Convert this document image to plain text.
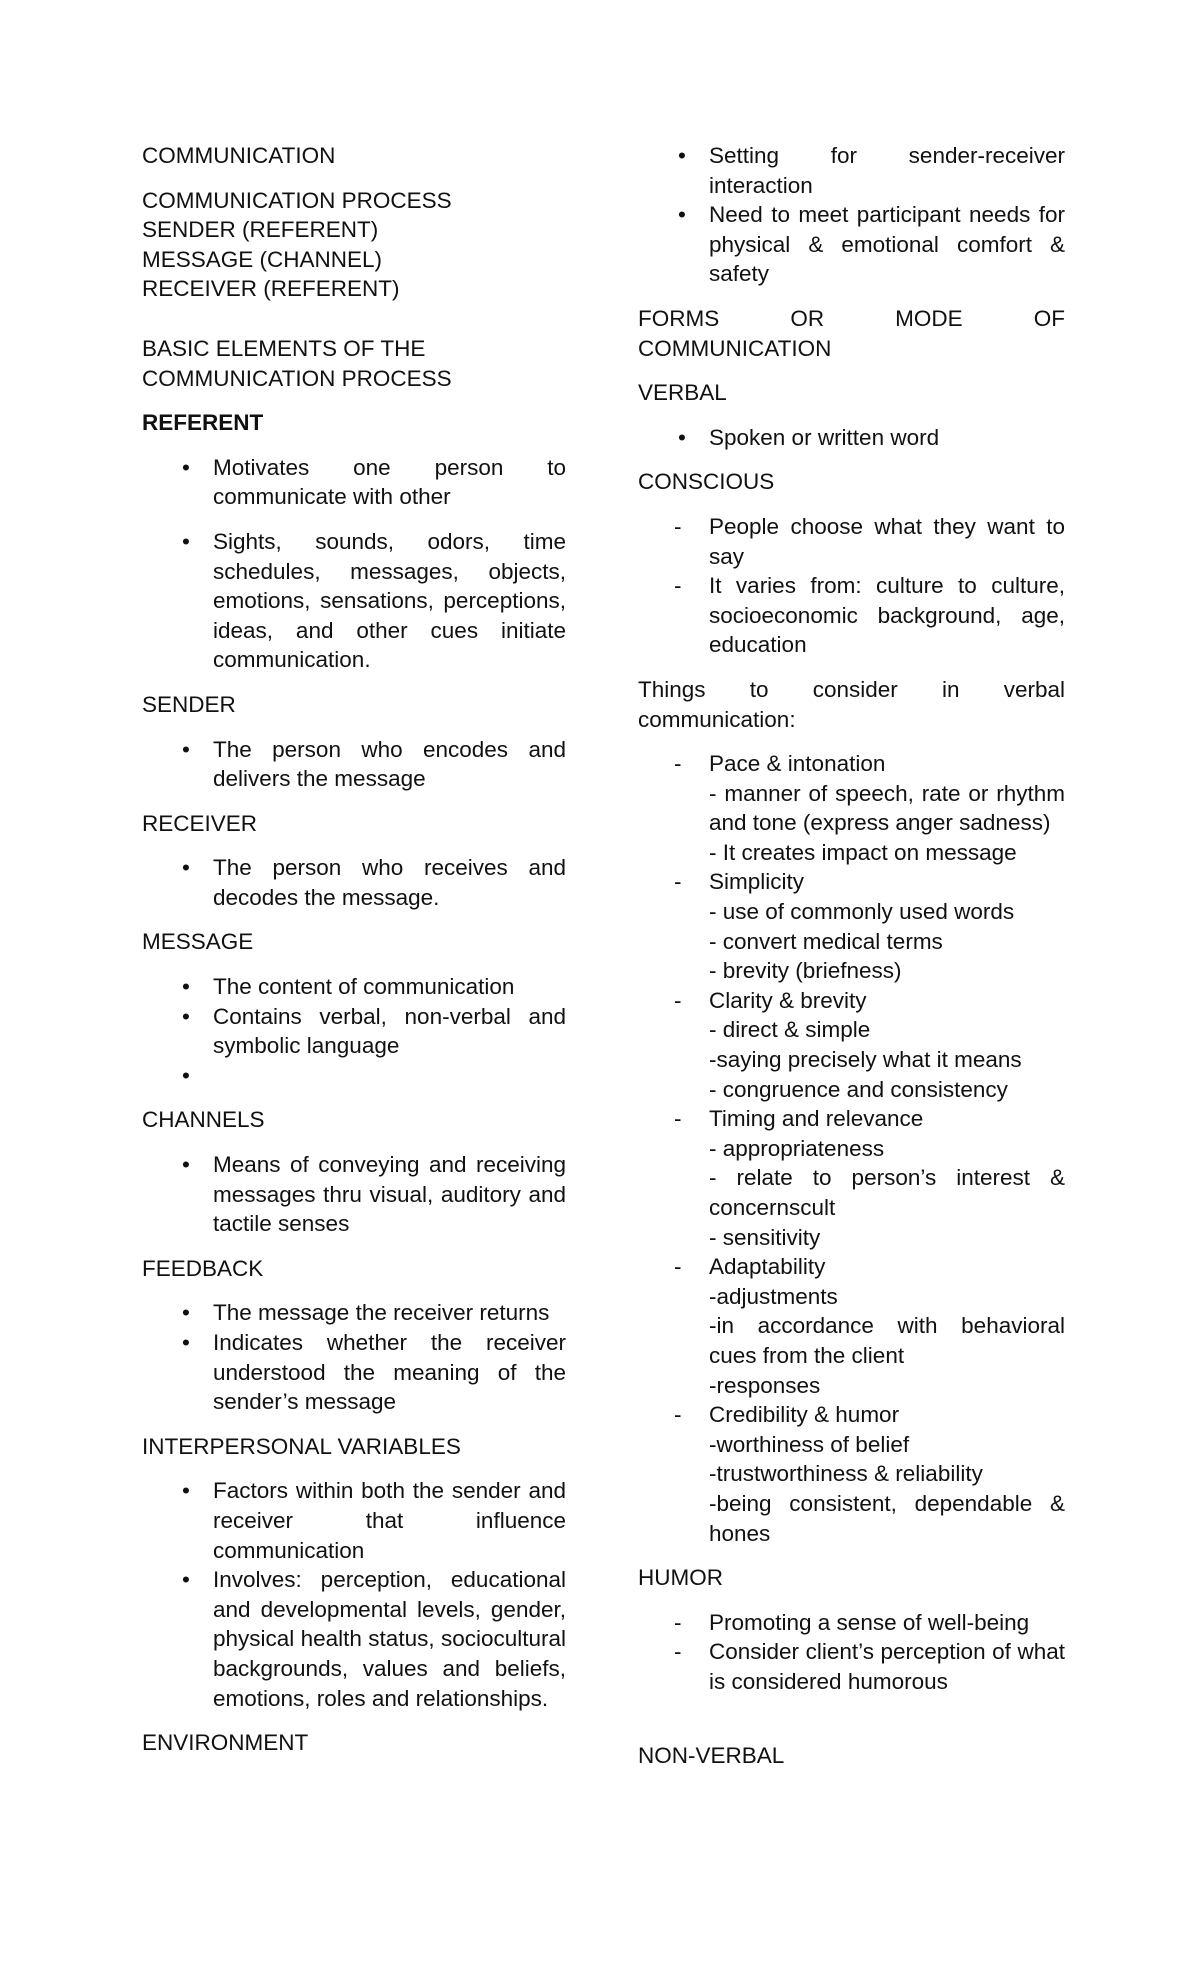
COMMUNICATION

COMMUNICATION PROCESS

SENDER (REFERENT)

MESSAGE (CHANNEL)

RECEIVER (REFERENT)

BASIC ELEMENTS OF THE

COMMUNICATION PROCESS

REFERENT

• Motivates one person to communicate with other
• Sights, sounds, odors, time schedules, messages, objects, emotions, sensations, perceptions, ideas, and other cues initiate communication.

SENDER

• The person who encodes and delivers the message

RECEIVER

• The person who receives and decodes the message.

MESSAGE

• The content of communication
• Contains verbal, non-verbal and symbolic language
•

CHANNELS

• Means of conveying and receiving messages thru visual, auditory and tactile senses

FEEDBACK

• The message the receiver returns
• Indicates whether the receiver understood the meaning of the sender’s message

INTERPERSONAL VARIABLES

• Factors within both the sender and receiver that influence communication
• Involves: perception, educational and developmental levels, gender, physical health status, sociocultural backgrounds, values and beliefs, emotions, roles and relationships.

ENVIRONMENT

• Setting for sender-receiver interaction
• Need to meet participant needs for physical & emotional comfort & safety

FORMS OR MODE OF COMMUNICATION

VERBAL

• Spoken or written word

CONSCIOUS

- People choose what they want to say
- It varies from: culture to culture, socioeconomic background, age, education

Things to consider in verbal communication:

- Pace & intonation
- manner of speech, rate or rhythm and tone (express anger sadness)
- It creates impact on message
- Simplicity
- use of commonly used words
- convert medical terms
- brevity (briefness)
- Clarity & brevity
- direct & simple
-saying precisely what it means
- congruence and consistency
- Timing and relevance
- appropriateness
- relate to person’s interest & concernscult
- sensitivity
- Adaptability
-adjustments
-in accordance with behavioral cues from the client
-responses
- Credibility & humor
-worthiness of belief
-trustworthiness & reliability
-being consistent, dependable & hones

HUMOR

- Promoting a sense of well-being
- Consider client’s perception of what is considered humorous

NON-VERBAL
